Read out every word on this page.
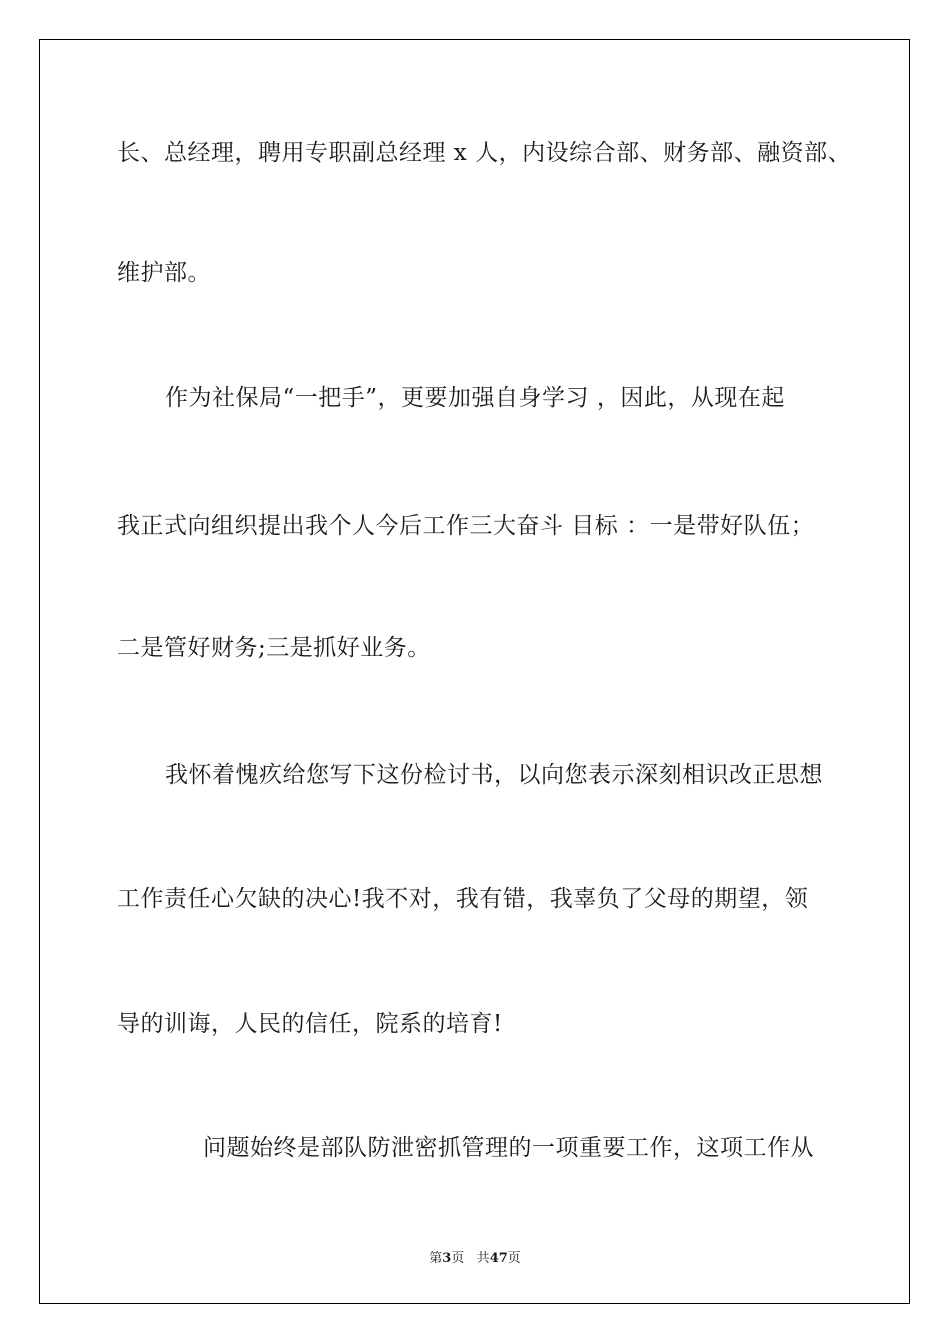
长、总经理，聘用专职副总经理 x 人，内设综合部、财务部、融资部、
维护部。
作为社保局“一把手”，更要加强自身学习 ，因此，从现在起
我正式向组织提出我个人今后工作三大奋斗 目标 ：一是带好队伍；
二是管好财务;三是抓好业务。
我怀着愧疚给您写下这份检讨书，以向您表示深刻相识改正思想
工作责任心欠缺的决心!我不对，我有错，我辜负了父母的期望，领
导的训诲，人民的信任，院系的培育!
问题始终是部队防泄密抓管理的一项重要工作，这项工作从
第3页 共47页
